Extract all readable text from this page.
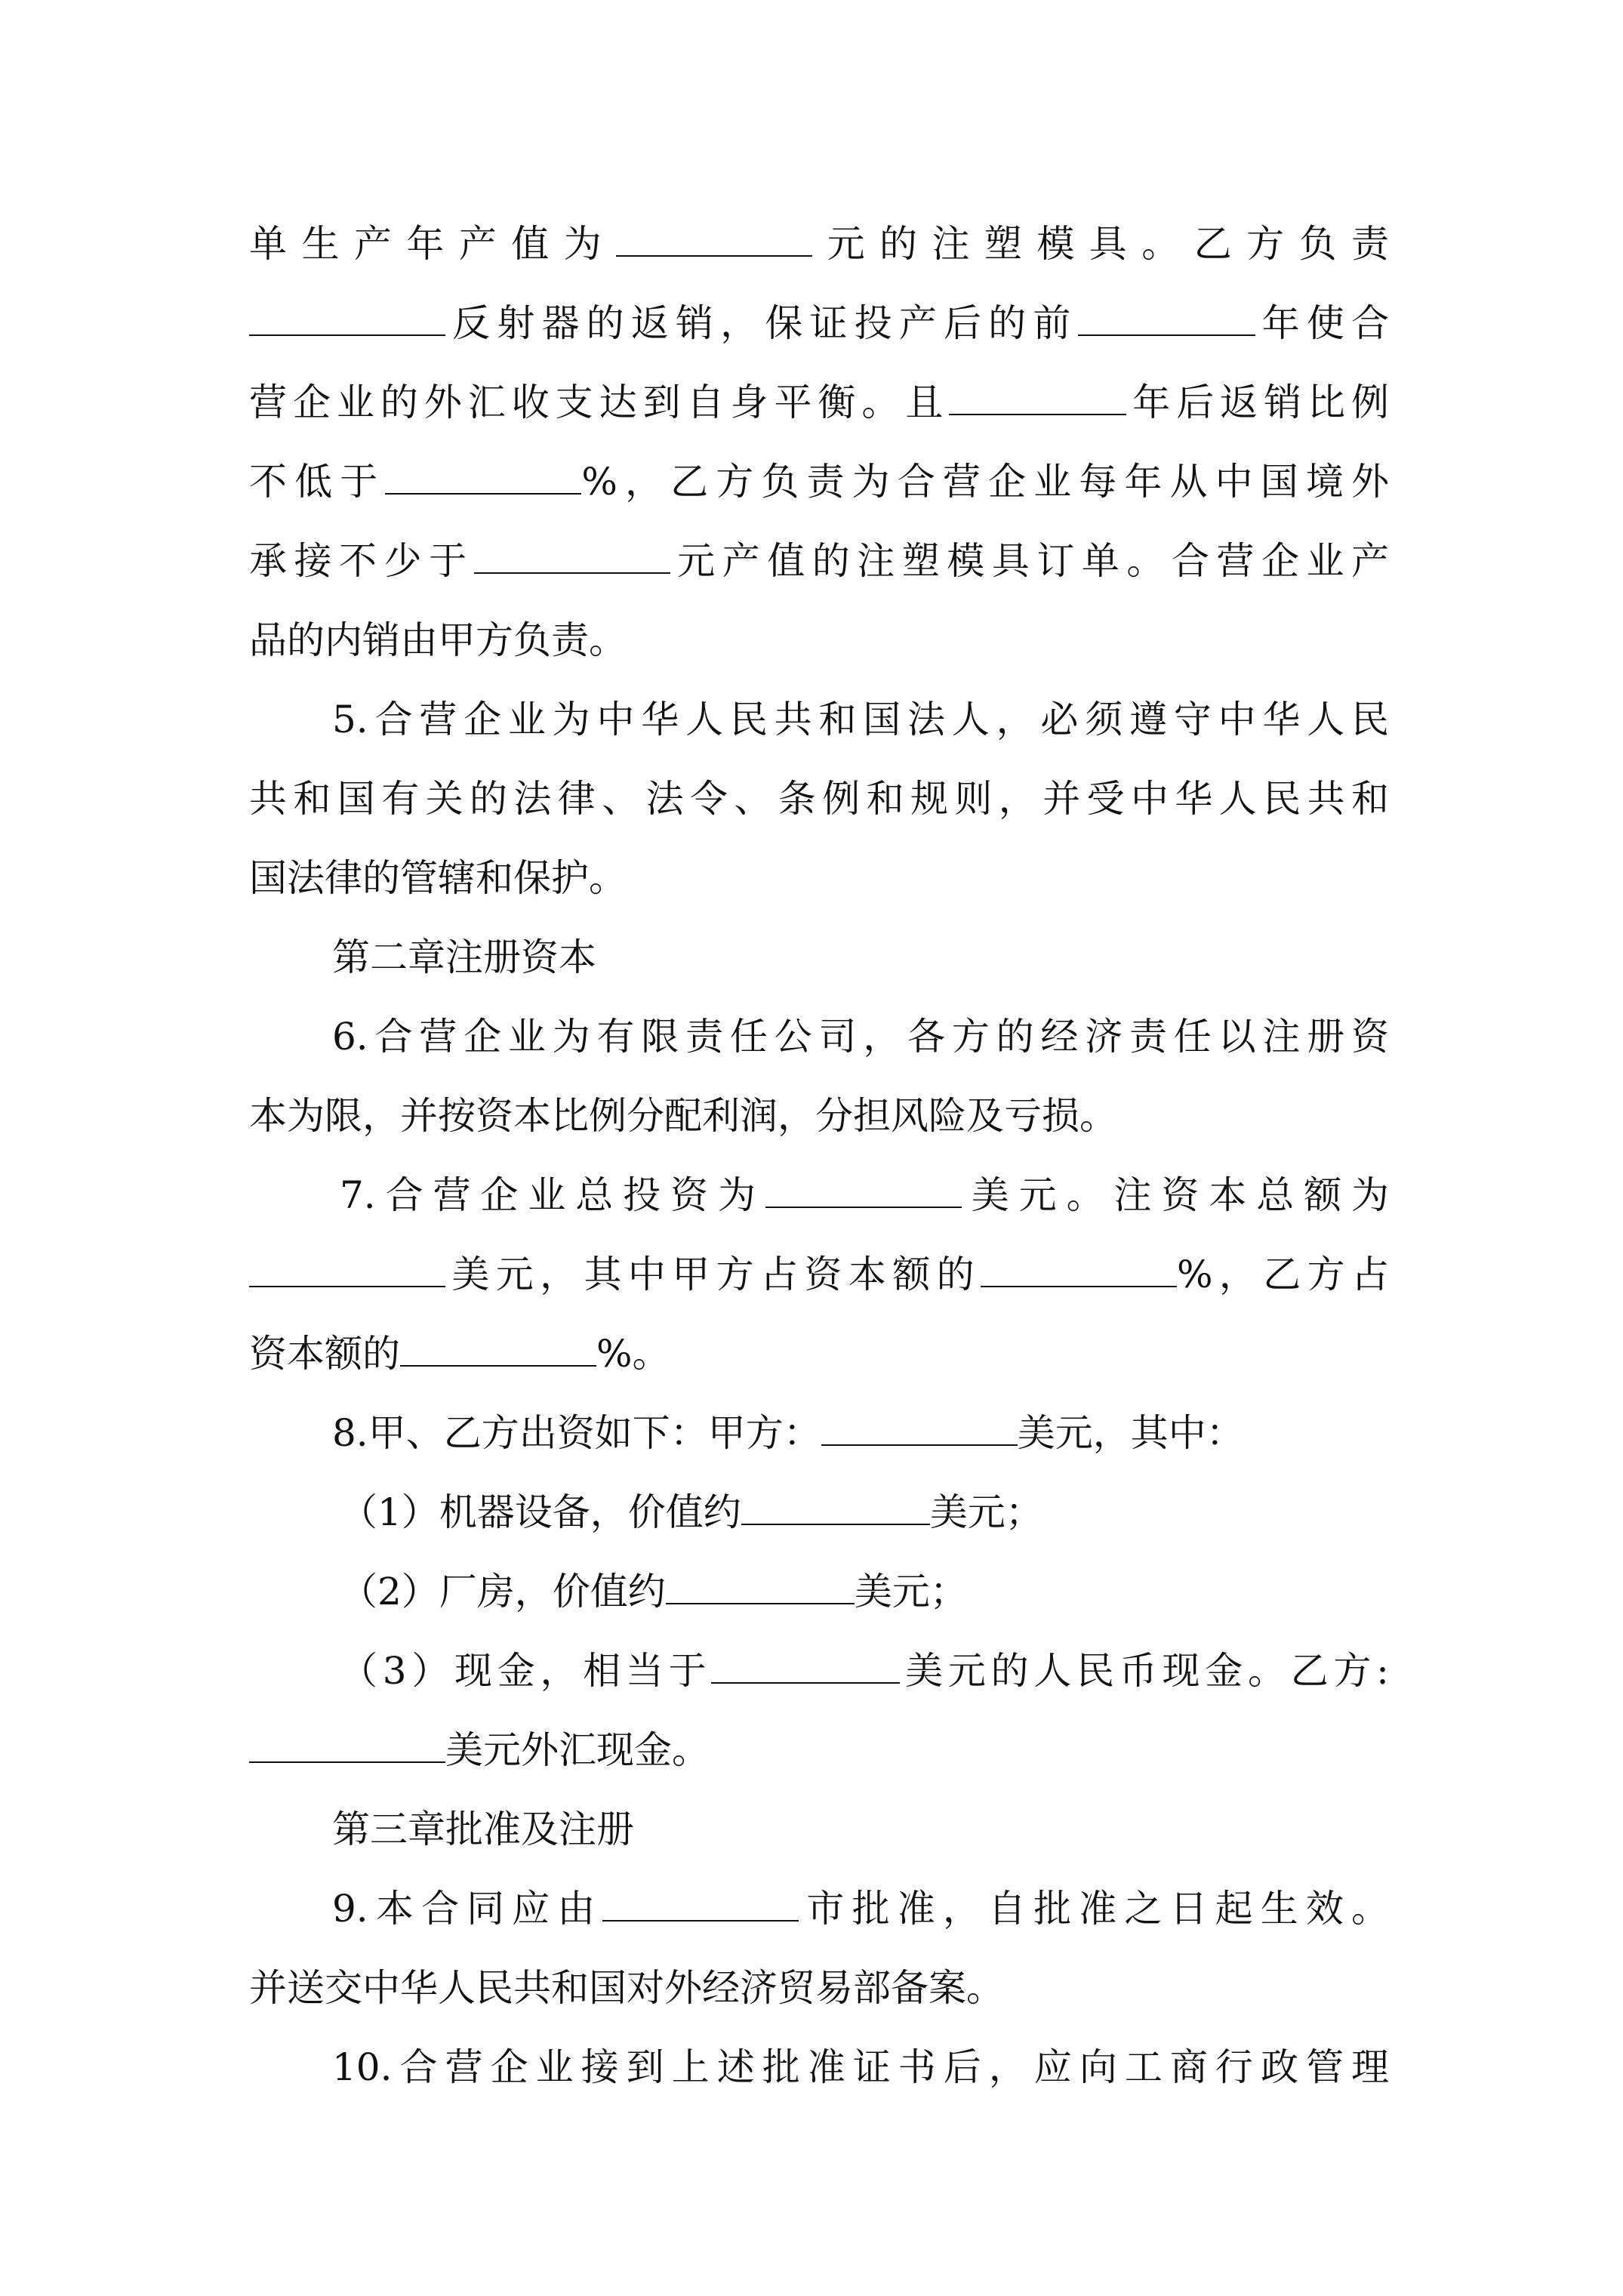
单生产年产值为	元的注塑模具。乙方负责
反射器的返销，保证投产后的前	年使合
营企业的外汇收支达到自身平衡。且	年后返销比例
不低于	%，乙方负责为合营企业每年从中国境外
承接不少于	元产值的注塑模具订单。合营企业产
品的内销由甲方负责。
5.合营企业为中华人民共和国法人，必须遵守中华人民
共和国有关的法律、法令、条例和规则，并受中华人民共和
国法律的管辖和保护。
第二章注册资本
6.合营企业为有限责任公司，各方的经济责任以注册资
本为限，并按资本比例分配利润，分担风险及亏损。
7.合营企业总投资为	美元。注资本总额为
美元，其中甲方占资本额的	%，乙方占
资本额的	%。
8.甲、乙方出资如下：甲方：	美元，其中：
（1）机器设备，价值约	美元；
（2）厂房，价值约	美元；
（3）现金，相当于	美元的人民币现金。乙方:
美元外汇现金。
第三章批准及注册
9.本合同应由	市批准，自批准之日起生效。
并送交中华人民共和国对外经济贸易部备案。
10.合营企业接到上述批准证书后，应向工商行政管理
